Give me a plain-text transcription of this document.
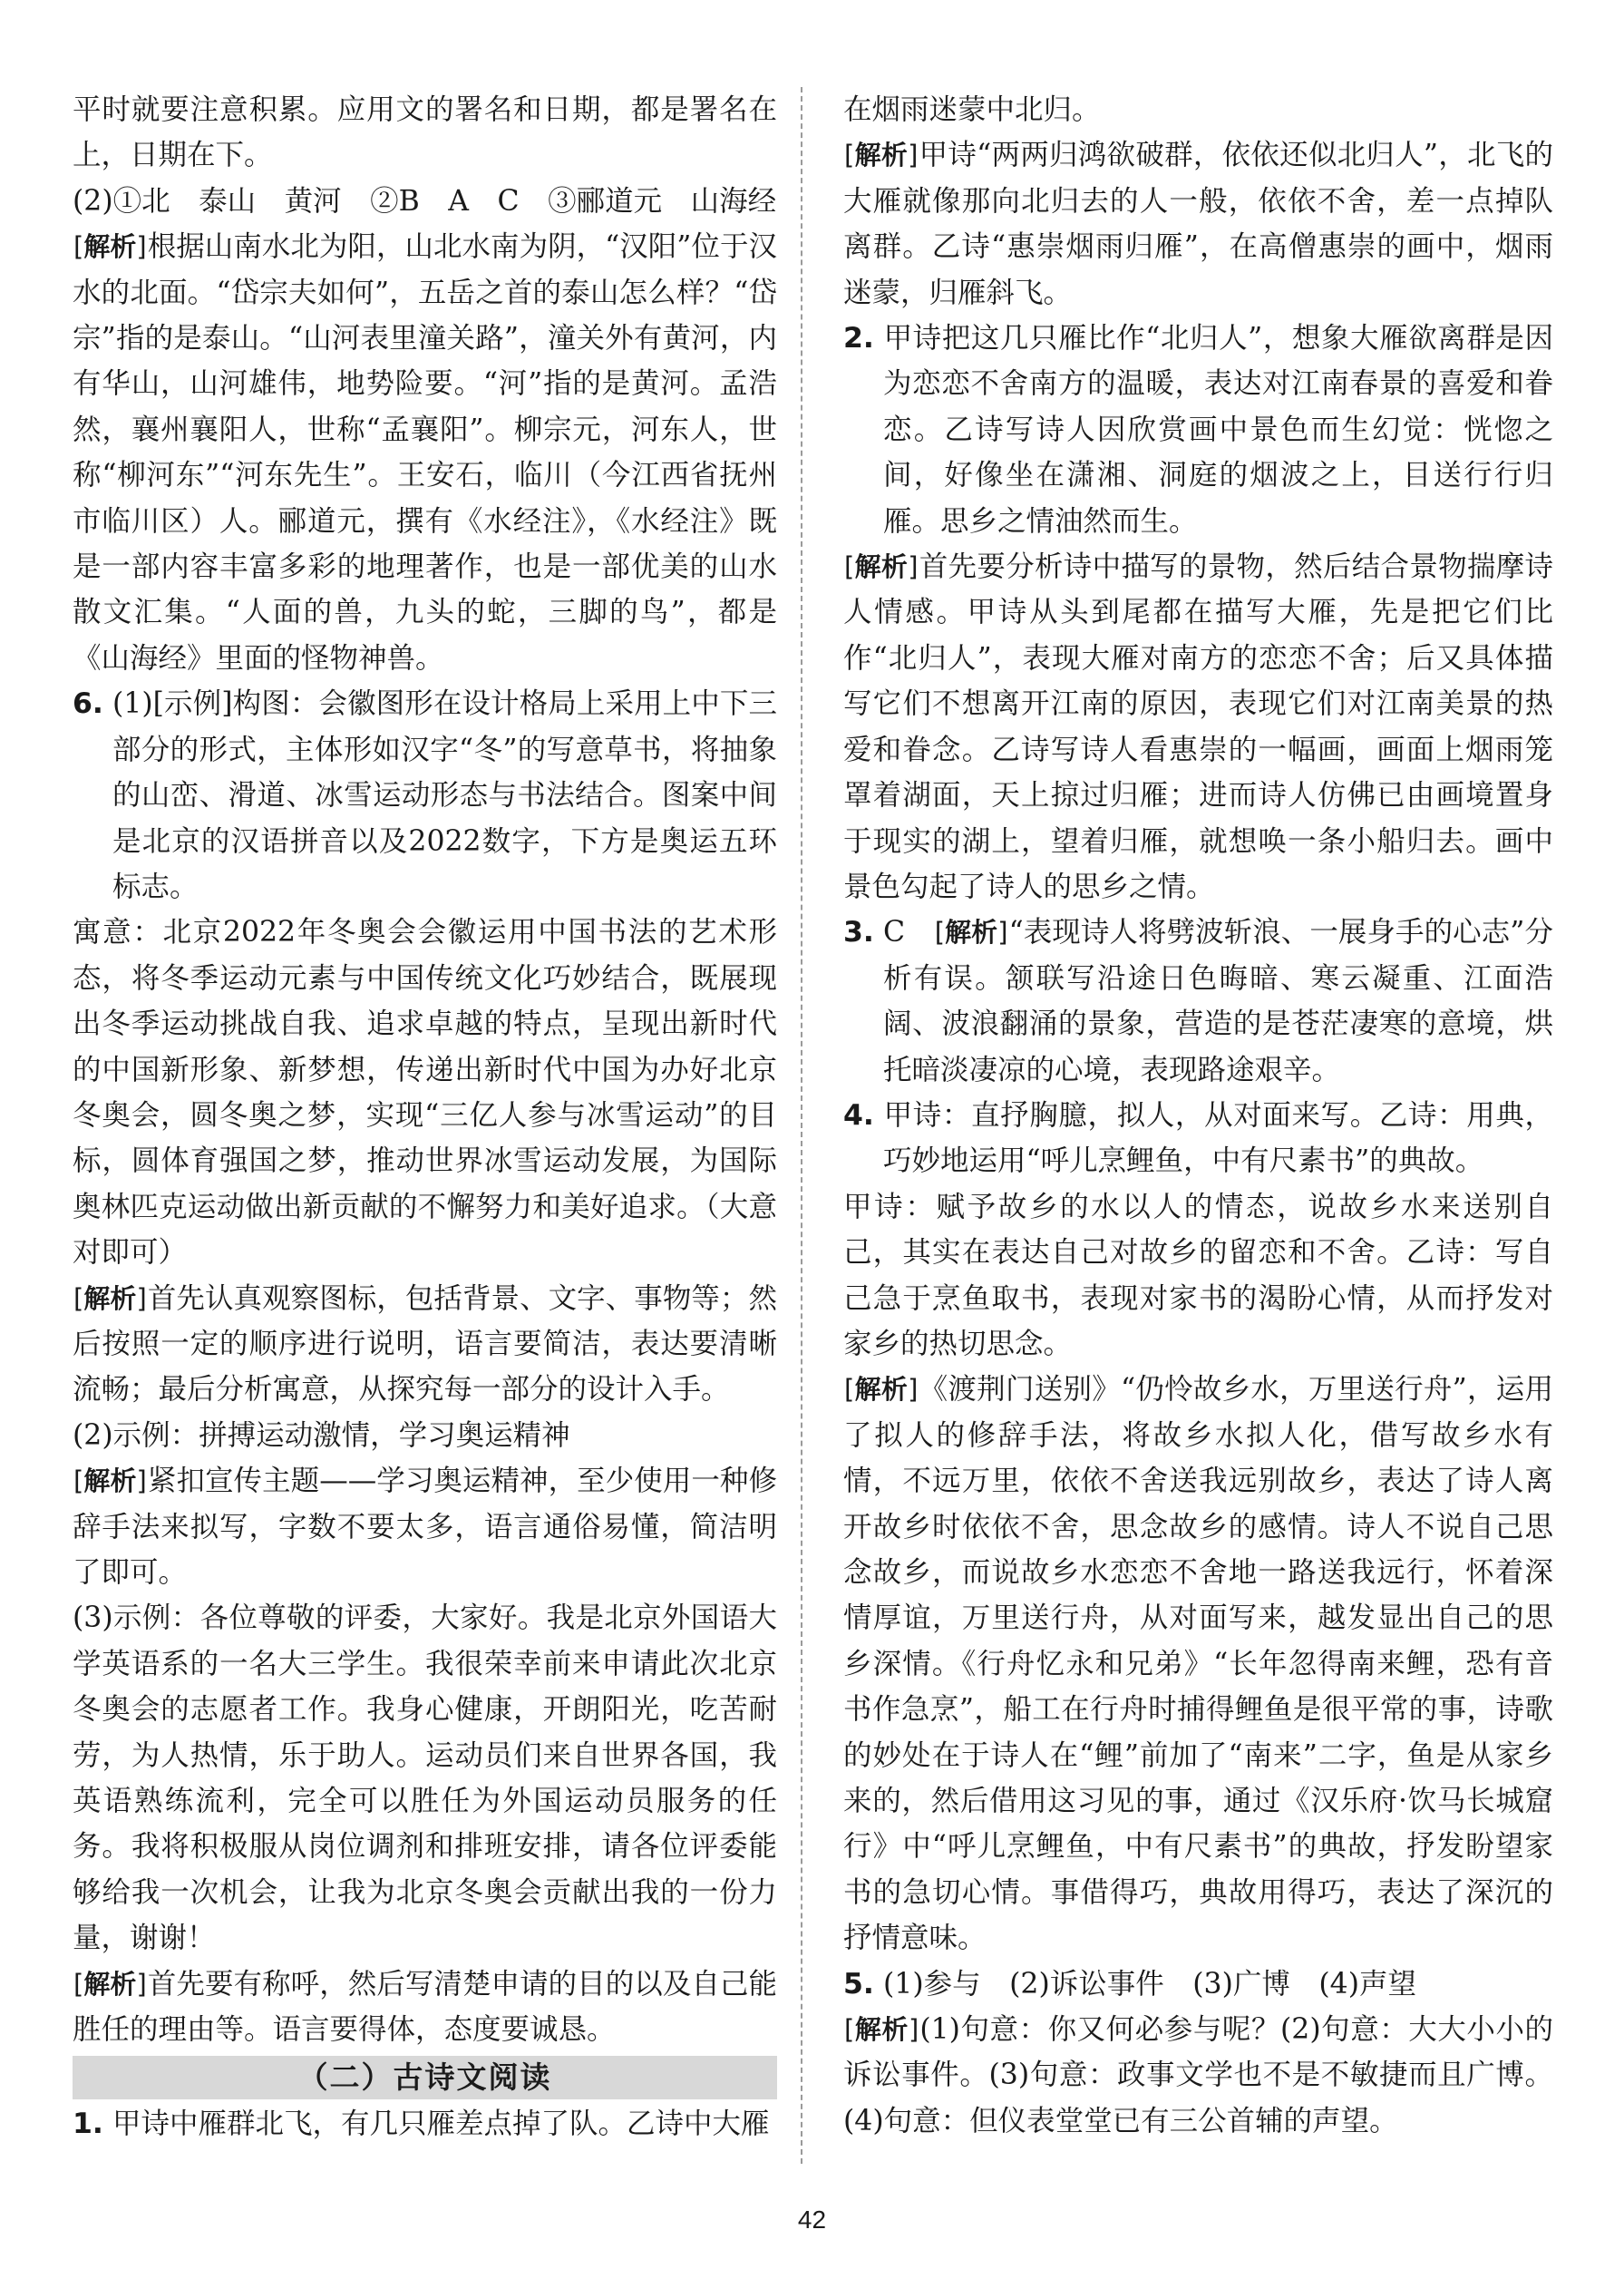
平时就要注意积累。应用文的署名和日期，都是署名在上，日期在下。

(2)①北　泰山　黄河　②B　A　C　③郦道元　山海经

[ 解析 ] 根据山南水北为阳，山北水南为阴，“汉阳”位于汉水的北面。“岱宗夫如何”，五岳之首的泰山怎么样？“岱宗”指的是泰山。“山河表里潼关路”，潼关外有黄河，内有华山，山河雄伟，地势险要。“河”指的是黄河。孟浩然，襄州襄阳人，世称“孟襄阳”。柳宗元，河东人，世称“柳河东”“河东先生”。王安石，临川（今江西省抚州市临川区）人。郦道元，撰有《水经注》，《水经注》既是一部内容丰富多彩的地理著作，也是一部优美的山水散文汇集。“人面的兽，九头的蛇，三脚的鸟”，都是《山海经》里面的怪物神兽。

6. (1)[示例]构图：会徽图形在设计格局上采用上中下三部分的形式，主体形如汉字“冬”的写意草书，将抽象的山峦、滑道、冰雪运动形态与书法结合。图案中间是北京的汉语拼音以及2022数字，下方是奥运五环标志。

寓意：北京2022年冬奥会会徽运用中国书法的艺术形态，将冬季运动元素与中国传统文化巧妙结合，既展现出冬季运动挑战自我、追求卓越的特点，呈现出新时代的中国新形象、新梦想，传递出新时代中国为办好北京冬奥会，圆冬奥之梦，实现“三亿人参与冰雪运动”的目标，圆体育强国之梦，推动世界冰雪运动发展，为国际奥林匹克运动做出新贡献的不懈努力和美好追求。（大意对即可）

[ 解析 ] 首先认真观察图标，包括背景、文字、事物等；然后按照一定的顺序进行说明，语言要简洁，表达要清晰流畅；最后分析寓意，从探究每一部分的设计入手。

(2)示例：拼搏运动激情，学习奥运精神

[ 解析 ] 紧扣宣传主题——学习奥运精神，至少使用一种修辞手法来拟写，字数不要太多，语言通俗易懂，简洁明了即可。

(3)示例：各位尊敬的评委，大家好。我是北京外国语大学英语系的一名大三学生。我很荣幸前来申请此次北京冬奥会的志愿者工作。我身心健康，开朗阳光，吃苦耐劳，为人热情，乐于助人。运动员们来自世界各国，我英语熟练流利，完全可以胜任为外国运动员服务的任务。我将积极服从岗位调剂和排班安排，请各位评委能够给我一次机会，让我为北京冬奥会贡献出我的一份力量，谢谢！

[ 解析 ] 首先要有称呼，然后写清楚申请的目的以及自己能胜任的理由等。语言要得体，态度要诚恳。

（二）古诗文阅读

1. 甲诗中雁群北飞，有几只雁差点掉了队。乙诗中大雁

在烟雨迷蒙中北归。

[ 解析 ] 甲诗“两两归鸿欲破群，依依还似北归人”，北飞的大雁就像那向北归去的人一般，依依不舍，差一点掉队离群。乙诗“惠崇烟雨归雁”，在高僧惠崇的画中，烟雨迷蒙，归雁斜飞。

2. 甲诗把这几只雁比作“北归人”，想象大雁欲离群是因为恋恋不舍南方的温暖，表达对江南春景的喜爱和眷恋。乙诗写诗人因欣赏画中景色而生幻觉：恍惚之间，好像坐在潇湘、洞庭的烟波之上，目送行行归雁。思乡之情油然而生。

[ 解析 ] 首先要分析诗中描写的景物，然后结合景物揣摩诗人情感。甲诗从头到尾都在描写大雁，先是把它们比作“北归人”，表现大雁对南方的恋恋不舍；后又具体描写它们不想离开江南的原因，表现它们对江南美景的热爱和眷念。乙诗写诗人看惠崇的一幅画，画面上烟雨笼罩着湖面，天上掠过归雁；进而诗人仿佛已由画境置身于现实的湖上，望着归雁，就想唤一条小船归去。画中景色勾起了诗人的思乡之情。

3. C　[ 解析 ] “表现诗人将劈波斩浪、一展身手的心志”分析有误。颔联写沿途日色晦暗、寒云凝重、江面浩阔、波浪翻涌的景象，营造的是苍茫凄寒的意境，烘托暗淡凄凉的心境，表现路途艰辛。

4. 甲诗：直抒胸臆，拟人，从对面来写。乙诗：用典，巧妙地运用“呼儿烹鲤鱼，中有尺素书”的典故。

甲诗：赋予故乡的水以人的情态，说故乡水来送别自己，其实在表达自己对故乡的留恋和不舍。乙诗：写自己急于烹鱼取书，表现对家书的渴盼心情，从而抒发对家乡的热切思念。

[ 解析 ] 《渡荆门送别》“仍怜故乡水，万里送行舟”，运用了拟人的修辞手法，将故乡水拟人化，借写故乡水有情，不远万里，依依不舍送我远别故乡，表达了诗人离开故乡时依依不舍，思念故乡的感情。诗人不说自己思念故乡，而说故乡水恋恋不舍地一路送我远行，怀着深情厚谊，万里送行舟，从对面写来，越发显出自己的思乡深情。《行舟忆永和兄弟》“长年忽得南来鲤，恐有音书作急烹”，船工在行舟时捕得鲤鱼是很平常的事，诗歌的妙处在于诗人在“鲤”前加了“南来”二字，鱼是从家乡来的，然后借用这习见的事，通过《汉乐府·饮马长城窟行》中“呼儿烹鲤鱼，中有尺素书”的典故，抒发盼望家书的急切心情。事借得巧，典故用得巧，表达了深沉的抒情意味。

5. (1)参与　(2)诉讼事件　(3)广博　(4)声望

[ 解析 ] (1)句意：你又何必参与呢？(2)句意：大大小小的诉讼事件。(3)句意：政事文学也不是不敏捷而且广博。(4)句意：但仪表堂堂已有三公首辅的声望。

42
